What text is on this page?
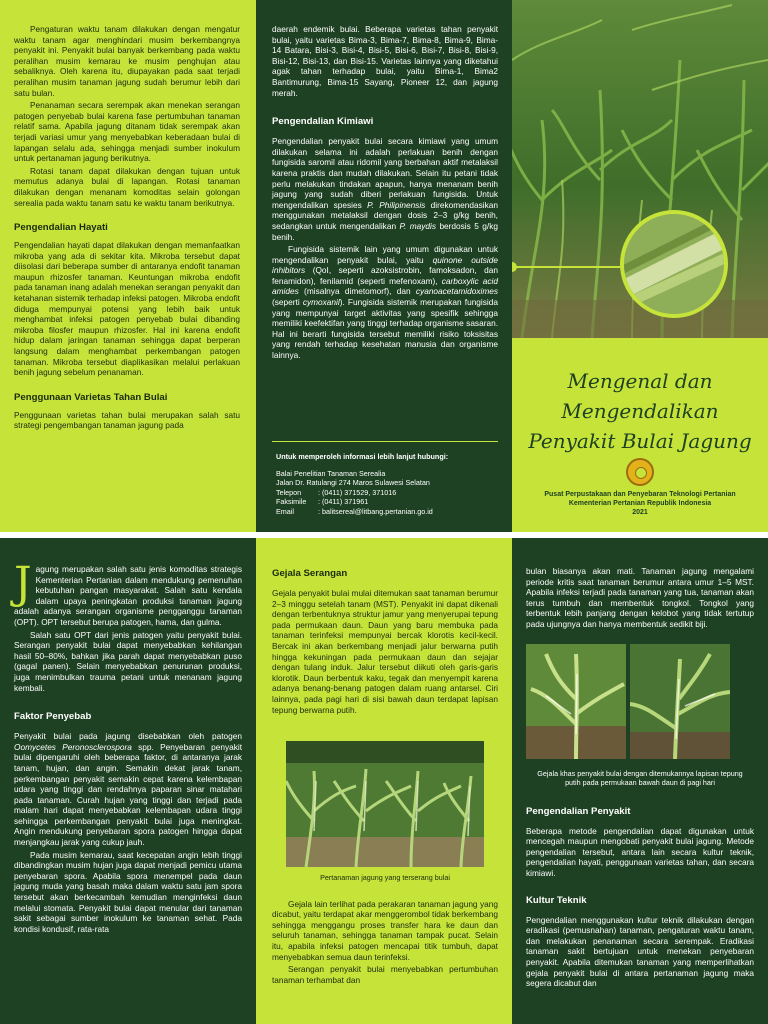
Pengaturan waktu tanam dilakukan dengan mengatur waktu tanam agar menghindari musim berkembangnya penyakit ini. Penyakit bulai banyak berkembang pada waktu peralihan musim kemarau ke musim penghujan atau sebaliknya. Oleh karena itu, diupayakan pada saat terjadi peralihan musim tanaman jagung sudah berumur lebih dari satu bulan.

Penanaman secara serempak akan menekan serangan patogen penyebab bulai karena fase pertumbuhan tanaman relatif sama. Apabila jagung ditanam tidak serempak akan terjadi variasi umur yang menyebabkan keberadaan bulai di lapangan selalu ada, sehingga menjadi sumber inokulum untuk pertanaman jagung berikutnya.

Rotasi tanam dapat dilakukan dengan tujuan untuk memutus adanya bulai di lapangan. Rotasi tanaman dilakukan dengan menanam komoditas selain golongan serealia pada waktu tanam satu ke waktu tanam berikutnya.

Pengendalian Hayati

Pengendalian hayati dapat dilakukan dengan memanfaatkan mikroba yang ada di sekitar kita. Mikroba tersebut dapat diisolasi dari beberapa sumber di antaranya endofit tanaman maupun rhizosfer tanaman. Keuntungan mikroba endofit pada tanaman inang adalah menekan serangan penyakit dan ketahanan sistemik terhadap infeksi patogen. Mikroba endofit diduga mempunyai potensi yang lebih baik untuk menghambat infeksi patogen penyebab bulai dibanding mikroba filosfer maupun rhizosfer. Hal ini karena endofit hidup dalam jaringan tanaman sehingga dapat berperan langsung dalam menghambat perkembangan patogen tanaman. Mikroba tersebut diaplikasikan melalui perlakuan benih jagung sebelum penanaman.

Penggunaan Varietas Tahan Bulai

Penggunaan varietas tahan bulai merupakan salah satu strategi pengembangan tanaman jagung pada

daerah endemik bulai. Beberapa varietas tahan penyakit bulai, yaitu varietas Bima-3, Bima-7, Bima-8, Bima-9, Bima-14 Batara, Bisi-3, Bisi-4, Bisi-5, Bisi-6, Bisi-7, Bisi-8, Bisi-9, Bisi-12, Bisi-13, dan Bisi-15. Varietas lainnya yang diketahui agak tahan terhadap bulai, yaitu Bima-1, Bima2 Bantimurung, Bima-15 Sayang, Pioneer 12, dan jagung merah.

Pengendalian Kimiawi

Pengendalian penyakit bulai secara kimiawi yang umum dilakukan selama ini adalah perlakuan benih dengan fungisida saromil atau ridomil yang berbahan aktif metalaksil karena praktis dan mudah dilakukan. Selain itu petani tidak perlu melakukan tindakan apapun, hanya menanam benih jagung yang sudah diberi perlakuan fungisida. Untuk mengendalikan spesies P. Philipinensis direkomendasikan menggunakan metalaksil dengan dosis 2–3 g/kg benih, sedangkan untuk mengendalikan P. maydis berdosis 5 g/kg benih.

Fungisida sistemik lain yang umum digunakan untuk mengendalikan penyakit bulai, yaitu quinone outside inhibitors (QoI, seperti azoksistrobin, famoksadon, dan fenamidon), fenilamid (seperti mefenoxam), carboxylic acid amides (misalnya dimetomorf), dan cyanoacetamidoximes (seperti cymoxanil). Fungisida sistemik merupakan fungisida yang mempunyai target aktivitas yang spesifik sehingga memiliki keefektifan yang tinggi terhadap organisme sasaran. Hal ini berarti fungisida tersebut memiliki risiko toksisitas yang rendah terhadap kesehatan manusia dan organisme lainnya.

Untuk memperoleh informasi lebih lanjut hubungi:
Balai Penelitian Tanaman Serealia
Jalan Dr. Ratulangi 274 Maros Sulawesi Selatan
Telepon : (0411) 371529, 371016
Faksimile : (0411) 371961
Email	: balitsereal@litbang.pertanian.go.id

Mengenal dan Mengendalikan

Penyakit Bulai Jagung

Pusat Perpustakaan dan Penyebaran Teknologi Pertanian
Kementerian Pertanian Republik Indonesia
2021

Jagung merupakan salah satu jenis komoditas strategis Kementerian Pertanian dalam mendukung pemenuhan kebutuhan pangan masyarakat. Salah satu kendala dalam upaya peningkatan produksi tanaman jagung adalah adanya serangan organisme pengganggu tanaman (OPT). OPT tersebut berupa patogen, hama, dan gulma.

Salah satu OPT dari jenis patogen yaitu penyakit bulai. Serangan penyakit bulai dapat menyebabkan kehilangan hasil 50–80%, bahkan jika parah dapat menyebabkan puso (gagal panen). Selain menyebabkan penurunan produksi, juga menimbulkan trauma petani untuk menanam jagung kembali.

Faktor Penyebab

Penyakit bulai pada jagung disebabkan oleh patogen Oomycetes Peronosclerospora spp. Penyebaran penyakit bulai dipengaruhi oleh beberapa faktor, di antaranya jarak tanam, hujan, dan angin. Semakin dekat jarak tanam, perkembangan penyakit semakin cepat karena kelembapan udara yang tinggi dan rendahnya paparan sinar matahari pada tanaman. Curah hujan yang tinggi dan terjadi pada malam hari dapat menyebabkan kelembapan udara tinggi sehingga perkembangan penyakit bulai juga meningkat. Angin mendukung penyebaran spora patogen hingga dapat menjangkau jarak yang cukup jauh.

Pada musim kemarau, saat kecepatan angin lebih tinggi dibandingkan musim hujan juga dapat menjadi pemicu utama penyebaran spora. Apabila spora menempel pada daun jagung muda yang basah maka dalam waktu satu jam spora tersebut akan berkecambah kemudian menginfeksi daun melalui stomata. Penyakit bulai dapat menular dari tanaman sakit sebagai sumber inokulum ke tanaman sehat. Pada kondisi kondusif, rata-rata

Gejala Serangan

Gejala penyakit bulai mulai ditemukan saat tanaman berumur 2–3 minggu setelah tanam (MST). Penyakit ini dapat dikenali dengan terbentuknya struktur jamur yang menyerupai tepung pada permukaan daun. Daun yang baru membuka pada tanaman terinfeksi mempunyai bercak klorotis kecil-kecil. Bercak ini akan berkembang menjadi jalur berwarna putih hingga kekuningan pada permukaan daun dan sejajar dengan tulang induk. Jalur tersebut diikuti oleh garis-garis klorotik. Daun berbentuk kaku, tegak dan menyempit karena adanya benang-benang patogen dalam ruang antarsel. Ciri lainnya, pada pagi hari di sisi bawah daun terdapat lapisan tepung berwarna putih.

Pertanaman jagung yang terserang bulai

Gejala lain terlihat pada perakaran tanaman jagung yang dicabut, yaitu terdapat akar menggerombol tidak berkembang sehingga menggangu proses transfer hara ke daun dan seluruh tanaman, sehingga tanaman tampak pucat. Selain itu, apabila infeksi patogen mencapai titik tumbuh, dapat menyebabkan semua daun terinfeksi.

Serangan penyakit bulai menyebabkan pertumbuhan tanaman terhambat dan

bulan biasanya akan mati. Tanaman jagung mengalami periode kritis saat tanaman berumur antara umur 1–5 MST. Apabila infeksi terjadi pada tanaman yang tua, tanaman akan terus tumbuh dan membentuk tongkol. Tongkol yang terbentuk lebih panjang dengan kelobot yang tidak tertutup pada ujungnya dan hanya membentuk sedikit biji.

Gejala khas penyakit bulai dengan ditemukannya lapisan tepung putih pada permukaan bawah daun di pagi hari

Pengendalian Penyakit

Beberapa metode pengendalian dapat digunakan untuk mencegah maupun mengobati penyakit bulai jagung. Metode pengendalian tersebut, antara lain secara kultur teknik, pengendalian hayati, penggunaan varietas tahan, dan secara kimiawi.

Kultur Teknik

Pengendalian menggunakan kultur teknik dilakukan dengan eradikasi (pemusnahan) tanaman, pengaturan waktu tanam, dan melakukan penanaman secara serempak. Eradikasi tanaman sakit bertujuan untuk menekan penyebaran penyakit. Apabila ditemukan tanaman yang memperlihatkan gejala penyakit bulai di antara pertanaman jagung maka segera dicabut dan
